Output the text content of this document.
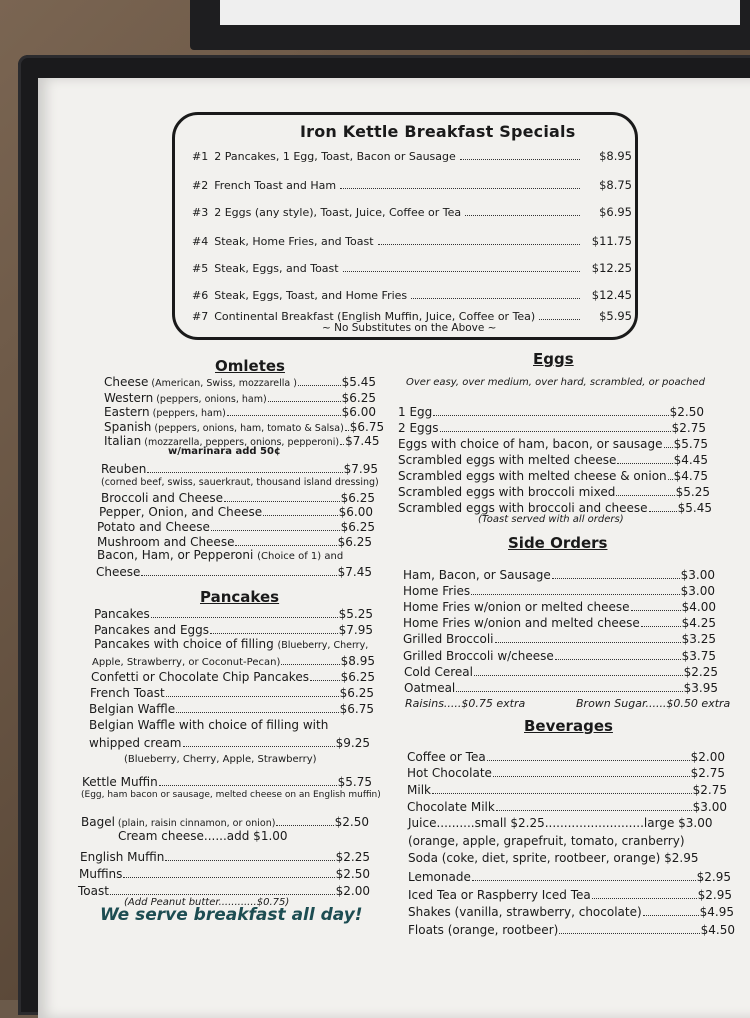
Iron Kettle Breakfast Specials
#1 2 Pancakes, 1 Egg, Toast, Bacon or Sausage	$8.95
#2 French Toast and Ham	$8.75
#3 2 Eggs (any style), Toast, Juice, Coffee or Tea	$6.95
#4 Steak, Home Fries, and Toast	$11.75
#5 Steak, Eggs, and Toast	$12.25
#6 Steak, Eggs, Toast, and Home Fries	$12.45
#7 Continental Breakfast (English Muffin, Juice, Coffee or Tea)	$5.95
~ No Substitutes on the Above ~
Omletes
Cheese (American, Swiss, mozzarella )	$5.45
Western (peppers, onions, ham)	$6.25
Eastern (peppers, ham)	$6.00
Spanish (peppers, onions, ham, tomato & Salsa) $6.75
Italian (mozzarella, peppers, onions, pepperoni) $7.45
w/marinara add 50¢
Reuben	$7.95
(corned beef, swiss, sauerkraut, thousand island dressing)
Broccoli and Cheese	$6.25
Pepper, Onion, and Cheese	$6.00
Potato and Cheese	$6.25
Mushroom and Cheese	$6.25
Bacon, Ham, or Pepperoni (Choice of 1) and
Cheese	$7.45
Pancakes
Pancakes	$5.25
Pancakes and Eggs	$7.95
Pancakes with choice of filling (Blueberry, Cherry,
Apple, Strawberry, or Coconut-Pecan)	$8.95
Confetti or Chocolate Chip Pancakes	$6.25
French Toast	$6.25
Belgian Waffle	$6.75
Belgian Waffle with choice of filling with
whipped cream	$9.25
(Blueberry, Cherry, Apple, Strawberry)
Kettle Muffin	$5.75
(Egg, ham bacon or sausage, melted cheese on an English muffin)
Bagel (plain, raisin cinnamon, or onion)	$2.50
Cream cheese......add $1.00
English Muffin	$2.25
Muffins	$2.50
Toast	$2.00
(Add Peanut butter............$0.75)
We serve breakfast all day!
Eggs
Over easy, over medium, over hard, scrambled, or poached
1 Egg	$2.50
2 Eggs	$2.75
Eggs with choice of ham, bacon, or sausage $5.75
Scrambled eggs with melted cheese	$4.45
Scrambled eggs with melted cheese & onion $4.75
Scrambled eggs with broccoli mixed	$5.25
Scrambled eggs with broccoli and cheese	$5.45
(Toast served with all orders)
Side Orders
Ham, Bacon, or Sausage	$3.00
Home Fries	$3.00
Home Fries w/onion or melted cheese	$4.00
Home Fries w/onion and melted cheese	$4.25
Grilled Broccoli	$3.25
Grilled Broccoli w/cheese	$3.75
Cold Cereal	$2.25
Oatmeal	$3.95
Raisins.....$0.75 extra	Brown Sugar......$0.50 extra
Beverages
Coffee or Tea	$2.00
Hot Chocolate	$2.75
Milk	$2.75
Chocolate Milk	$3.00
Juice..........small $2.25..........................large $3.00
(orange, apple, grapefruit, tomato, cranberry)
Soda (coke, diet, sprite, rootbeer, orange) $2.95
Lemonade	$2.95
Iced Tea or Raspberry Iced Tea	$2.95
Shakes (vanilla, strawberry, chocolate)	$4.95
Floats (orange, rootbeer)	$4.50
